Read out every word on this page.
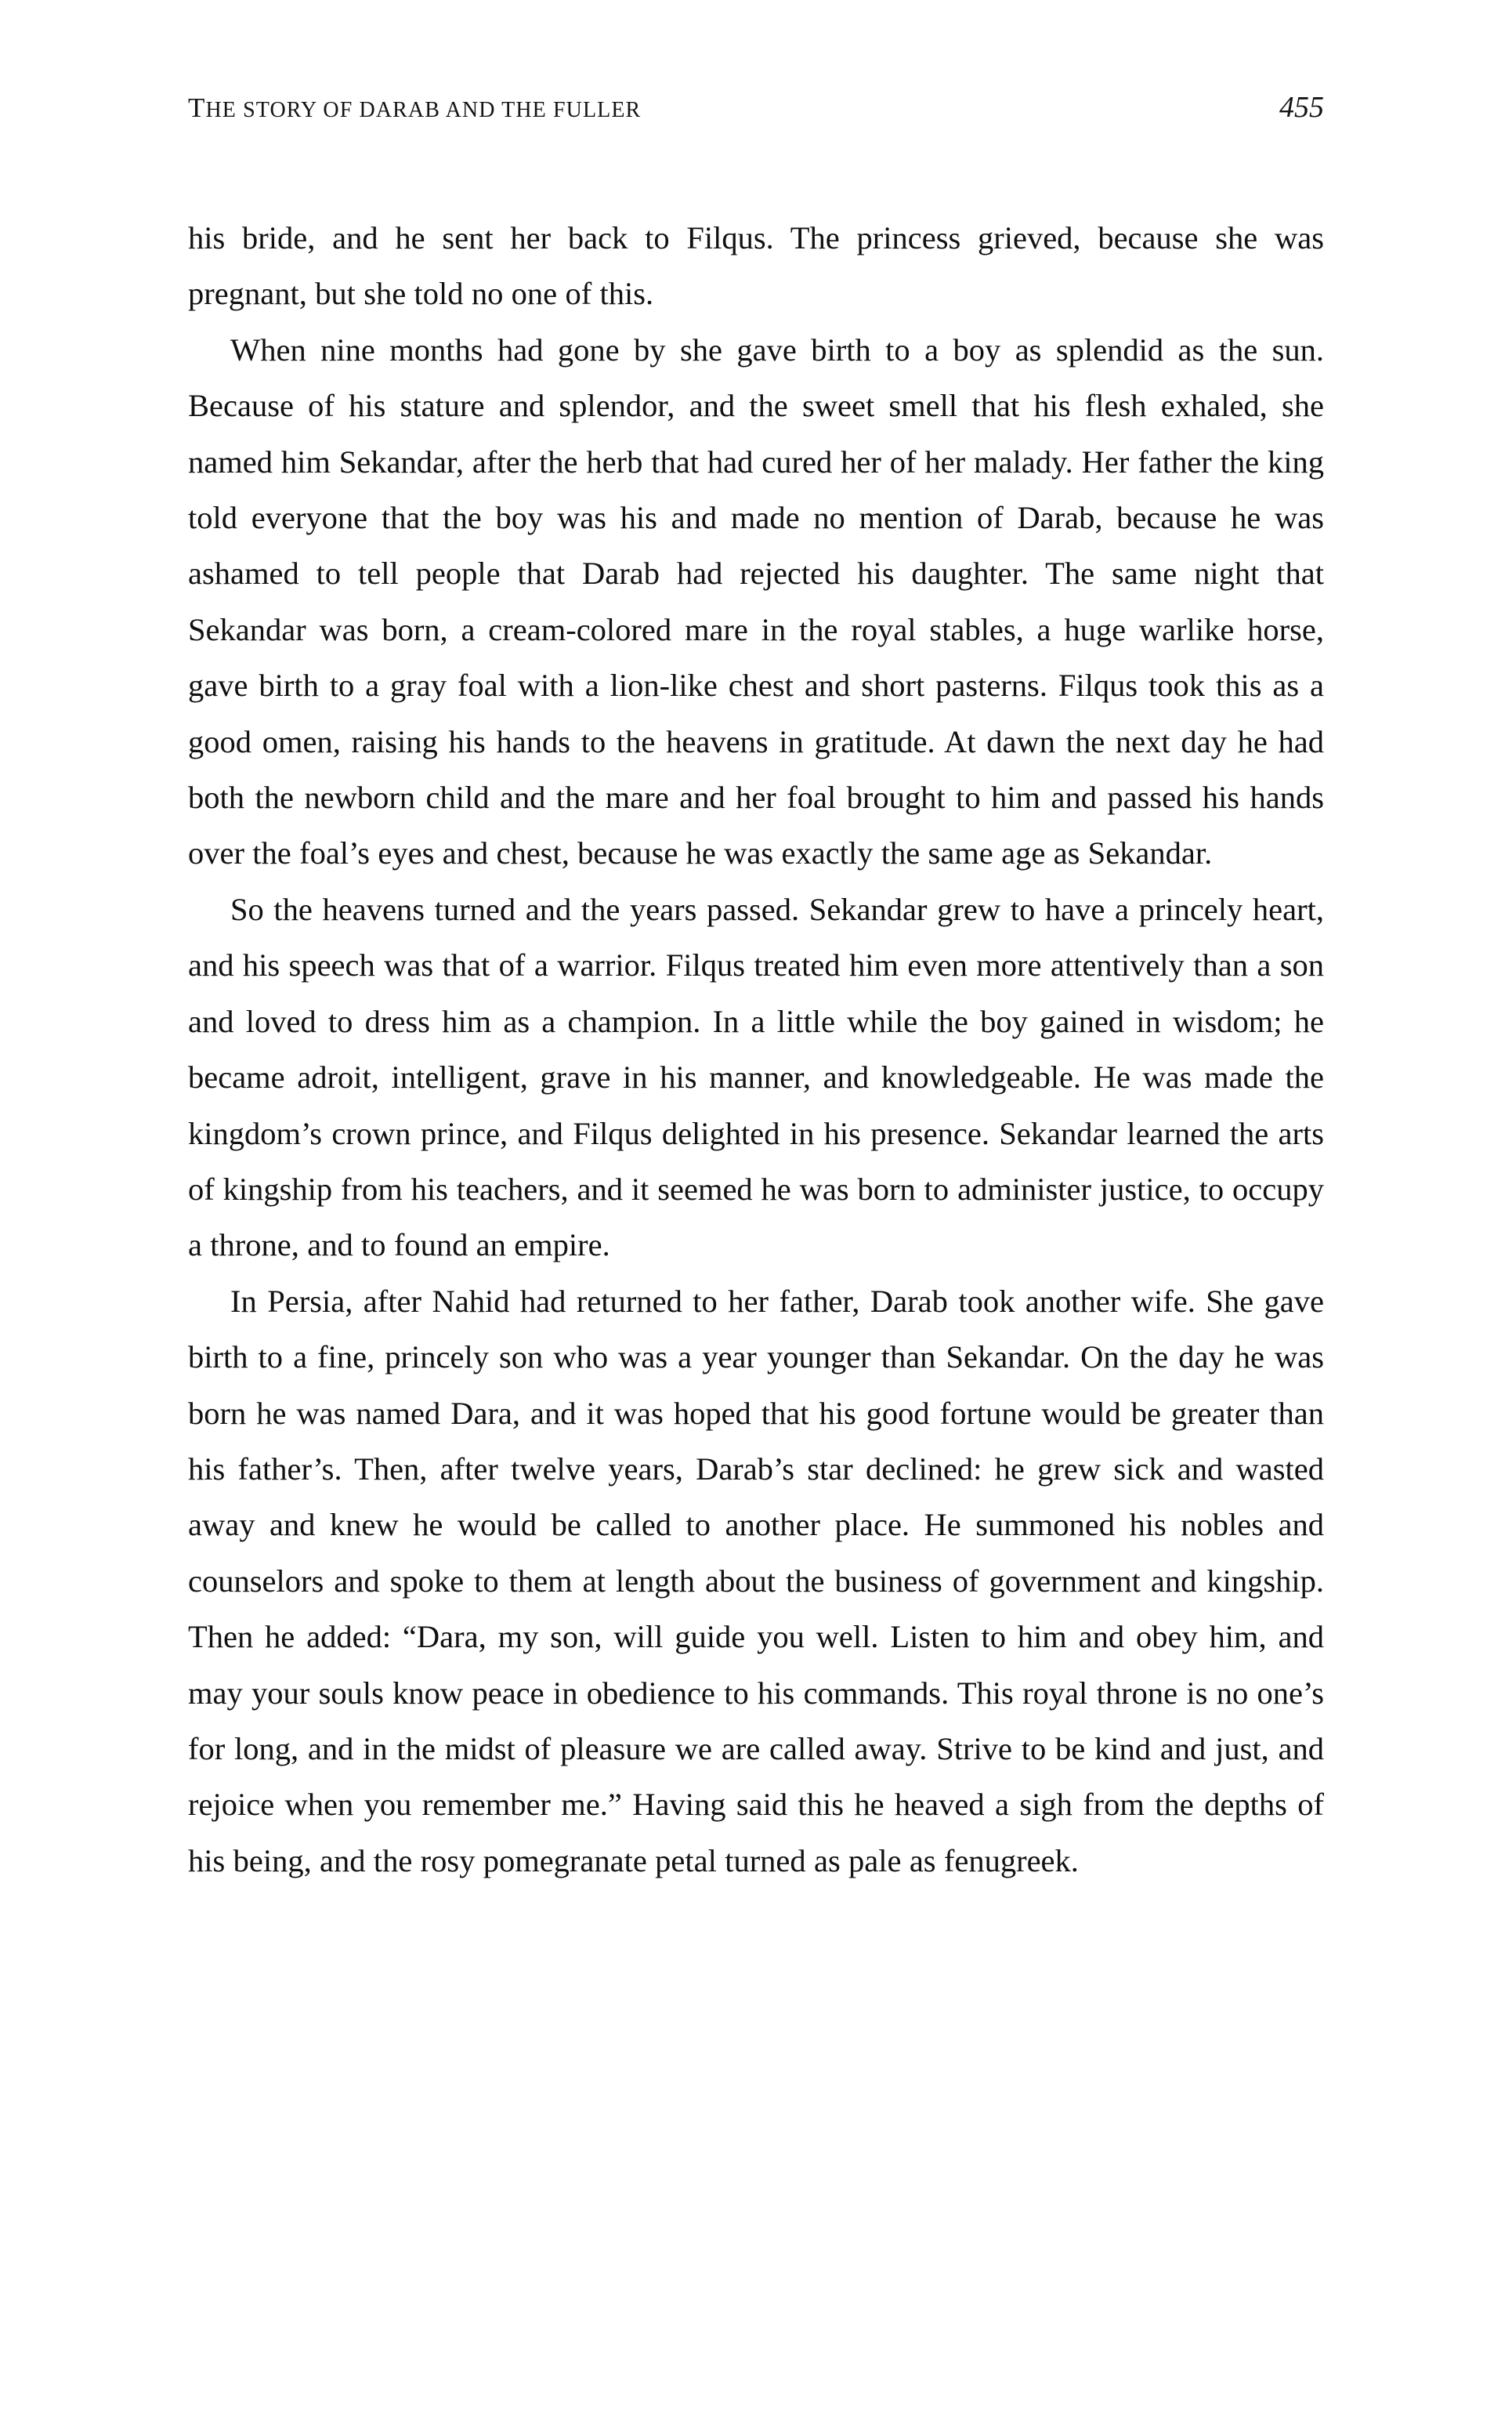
THE STORY OF DARAB AND THE FULLER	455

his bride, and he sent her back to Filqus. The princess grieved, because she was pregnant, but she told no one of this.

When nine months had gone by she gave birth to a boy as splendid as the sun. Because of his stature and splendor, and the sweet smell that his flesh exhaled, she named him Sekandar, after the herb that had cured her of her malady. Her father the king told everyone that the boy was his and made no mention of Darab, because he was ashamed to tell people that Darab had rejected his daughter. The same night that Sekandar was born, a cream-colored mare in the royal stables, a huge warlike horse, gave birth to a gray foal with a lion-like chest and short pasterns. Filqus took this as a good omen, raising his hands to the heavens in gratitude. At dawn the next day he had both the newborn child and the mare and her foal brought to him and passed his hands over the foal’s eyes and chest, because he was exactly the same age as Sekandar.

So the heavens turned and the years passed. Sekandar grew to have a princely heart, and his speech was that of a warrior. Filqus treated him even more attentively than a son and loved to dress him as a champion. In a little while the boy gained in wisdom; he became adroit, intelligent, grave in his manner, and knowledgeable. He was made the kingdom’s crown prince, and Filqus delighted in his presence. Sekandar learned the arts of kingship from his teachers, and it seemed he was born to administer justice, to occupy a throne, and to found an empire.

In Persia, after Nahid had returned to her father, Darab took another wife. She gave birth to a fine, princely son who was a year younger than Sekandar. On the day he was born he was named Dara, and it was hoped that his good fortune would be greater than his father’s. Then, after twelve years, Darab’s star declined: he grew sick and wasted away and knew he would be called to another place. He summoned his nobles and counselors and spoke to them at length about the business of government and kingship. Then he added: “Dara, my son, will guide you well. Listen to him and obey him, and may your souls know peace in obedience to his commands. This royal throne is no one’s for long, and in the midst of pleasure we are called away. Strive to be kind and just, and rejoice when you remember me.” Having said this he heaved a sigh from the depths of his being, and the rosy pomegranate petal turned as pale as fenugreek.
